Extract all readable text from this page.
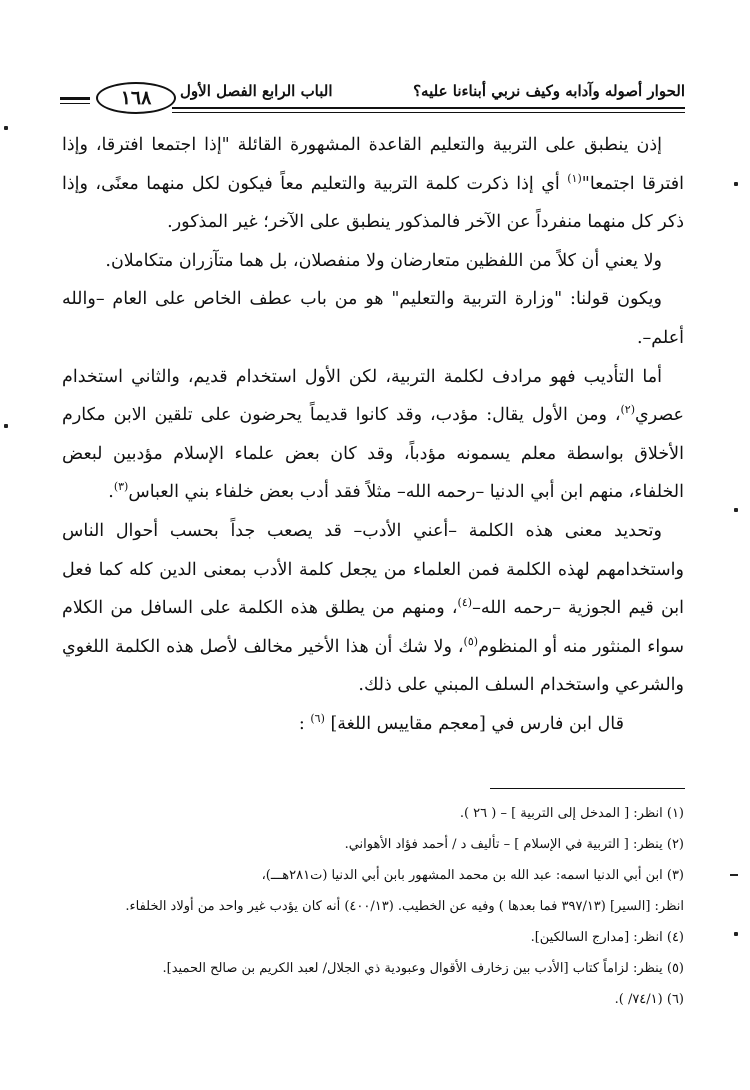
١٦٨	الباب الرابع الفصل الأول	الحوار أصوله وآدابه وكيف نربي أبناءنا عليه؟

إذن ينطبق على التربية والتعليم القاعدة المشهورة القائلة "إذا اجتمعا افترقا، وإذا افترقا اجتمعا"$^{(١)}$ أي إذا ذكرت كلمة التربية والتعليم معاً فيكون لكل منهما معنًى، وإذا ذكر كل منهما منفرداً عن الآخر فالمذكور ينطبق على الآخر؛ غير المذكور.

ولا يعني أن كلاً من اللفظين متعارضان ولا منفصلان، بل هما متآزران متكاملان.

ويكون قولنا: "وزارة التربية والتعليم" هو من باب عطف الخاص على العام –والله أعلم–.

أما التأديب فهو مرادف لكلمة التربية، لكن الأول استخدام قديم، والثاني استخدام عصري$^{(٢)}$، ومن الأول يقال: مؤدب، وقد كانوا قديماً يحرضون على تلقين الابن مكارم الأخلاق بواسطة معلم يسمونه مؤدباً، وقد كان بعض علماء الإسلام مؤدبين لبعض الخلفاء، منهم ابن أبي الدنيا –رحمه الله– مثلاً فقد أدب بعض خلفاء بني العباس$^{(٣)}$.

وتحديد معنى هذه الكلمة –أعني الأدب– قد يصعب جداً بحسب أحوال الناس واستخدامهم لهذه الكلمة فمن العلماء من يجعل كلمة الأدب بمعنى الدين كله كما فعل ابن قيم الجوزية –رحمه الله–$^{(٤)}$، ومنهم من يطلق هذه الكلمة على السافل من الكلام سواء المنثور منه أو المنظوم$^{(٥)}$، ولا شك أن هذا الأخير مخالف لأصل هذه الكلمة اللغوي والشرعي واستخدام السلف المبني على ذلك.

قال ابن فارس في [معجم مقاييس اللغة] $^{(٦)}$ :

(١) انظر: [ المدخل إلى التربية ] – ( ٢٦ ).
(٢) ينظر: [ التربية في الإسلام ] – تأليف د / أحمد فؤاد الأهواني.
(٣) ابن أبي الدنيا اسمه: عبد الله بن محمد المشهور بابن أبي الدنيا (ت٢٨١هـــ)،
انظر: [السير] (٣٩٧/١٣ فما بعدها ) وفيه عن الخطيب. (٤٠٠/١٣) أنه كان يؤدب غير واحد من أولاد الخلفاء.
(٤) انظر: [مدارج السالكين].
(٥) ينظر: لزاماً كتاب [الأدب بين زخارف الأقوال وعبودية ذي الجلال/ لعبد الكريم بن صالح الحميد].
(٦) (٧٤/١/ ).
